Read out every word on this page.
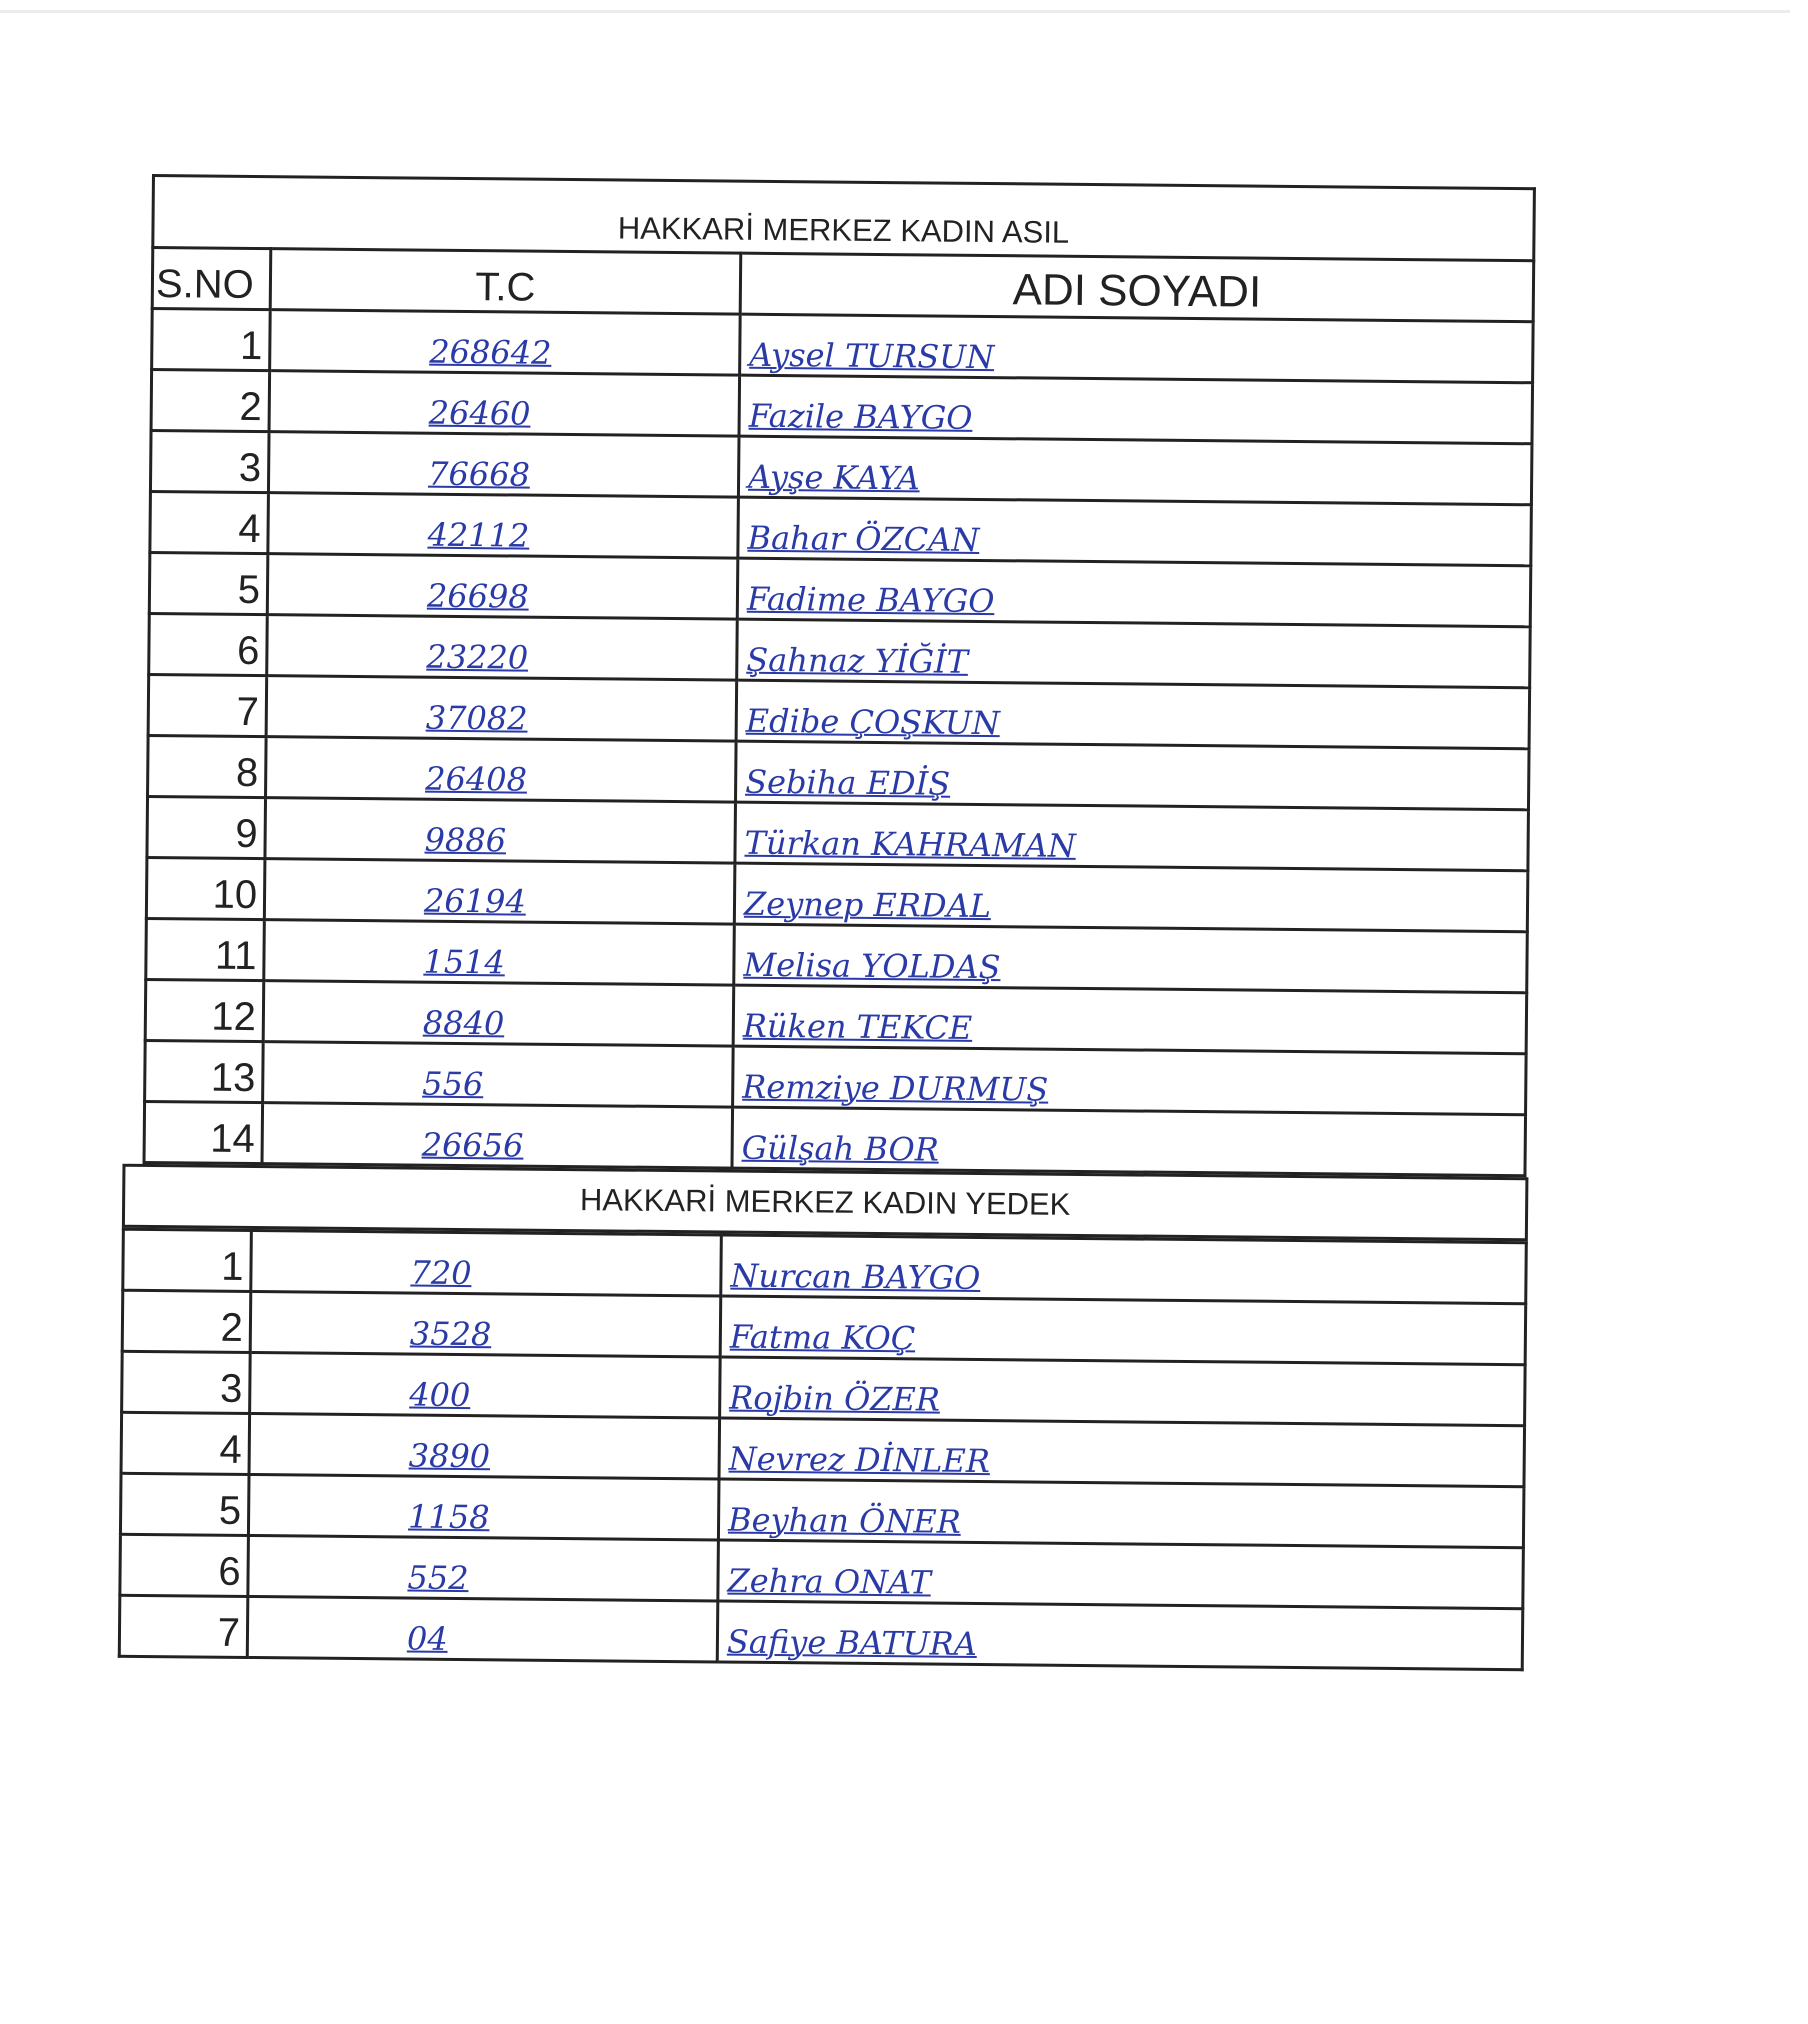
HAKKARİ MERKEZ KADIN ASIL
S.NO	T.C	ADI SOYADI
1	268642	Aysel TURSUN
2	26460	Fazile BAYGO
3	76668	Ayşe KAYA
4	42112	Bahar ÖZCAN
5	26698	Fadime BAYGO
6	23220	Şahnaz YİĞİT
7	37082	Edibe ÇOŞKUN
8	26408	Sebiha EDİŞ
9	9886	Türkan KAHRAMAN
10	26194	Zeynep ERDAL
11	1514	Melisa YOLDAŞ
12	8840	Rüken TEKCE
13	556	Remziye DURMUŞ
14	26656	Gülşah BOR
HAKKARİ MERKEZ KADIN YEDEK
1	720	Nurcan BAYGO
2	3528	Fatma KOÇ
3	400	Rojbin ÖZER
4	3890	Nevrez DİNLER
5	1158	Beyhan ÖNER
6	552	Zehra ONAT
7	04	Safiye BATURA
